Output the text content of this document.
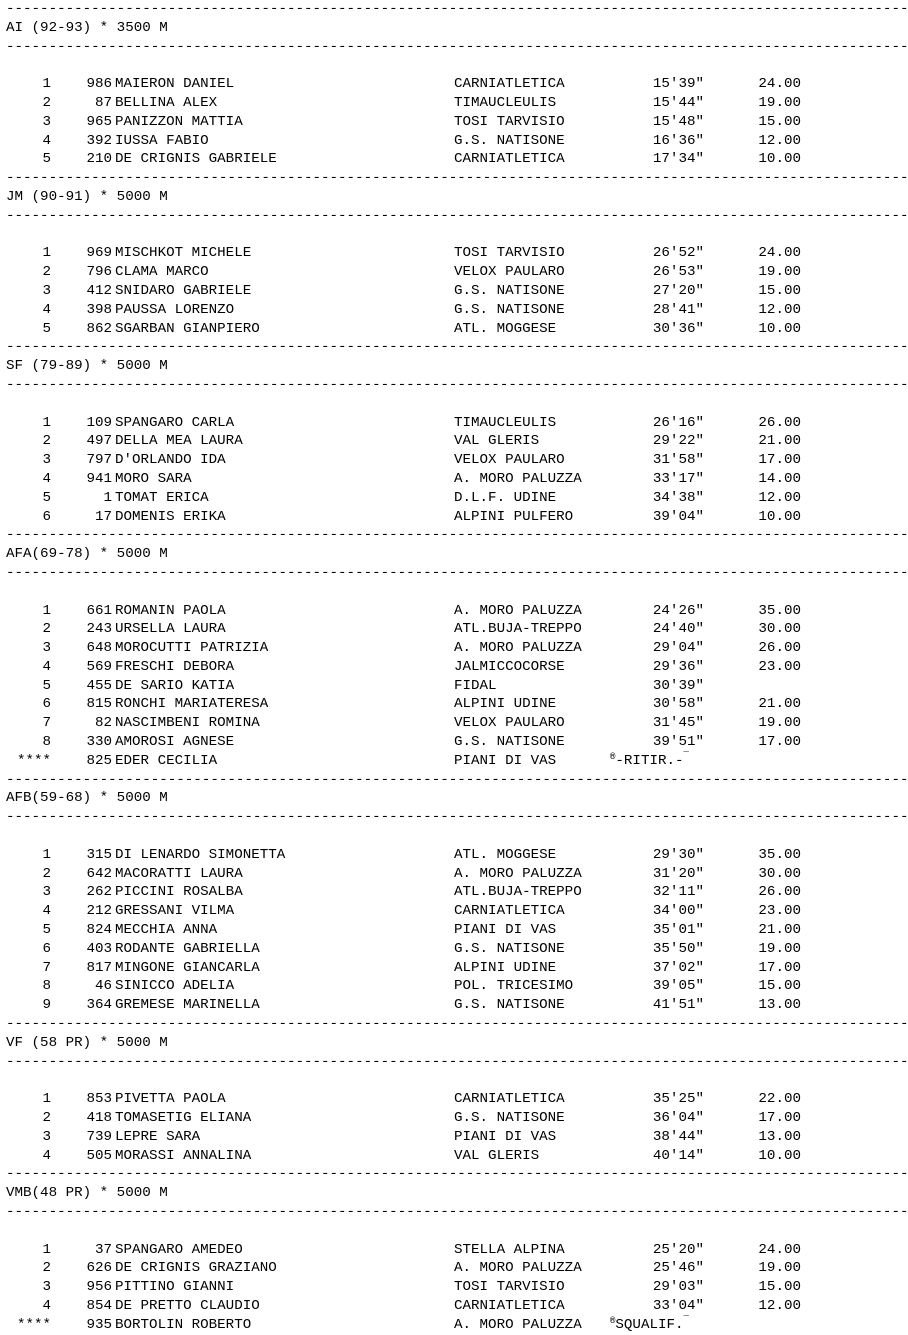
----------------------------------------------------------------------------------------------------------
AI (92-93) * 3500 M
----------------------------------------------------------------------------------------------------------
1	986 MAIERON DANIEL	CARNIATLETICA	15'39"	24.00
2	87 BELLINA ALEX	TIMAUCLEULIS	15'44"	19.00
3	965 PANIZZON MATTIA	TOSI TARVISIO	15'48"	15.00
4	392 IUSSA FABIO	G.S. NATISONE	16'36"	12.00
5	210 DE CRIGNIS GABRIELE	CARNIATLETICA	17'34"	10.00
----------------------------------------------------------------------------------------------------------
JM (90-91) * 5000 M
----------------------------------------------------------------------------------------------------------
1	969 MISCHKOT MICHELE	TOSI TARVISIO	26'52"	24.00
2	796 CLAMA MARCO	VELOX PAULARO	26'53"	19.00
3	412 SNIDARO GABRIELE	G.S. NATISONE	27'20"	15.00
4	398 PAUSSA LORENZO	G.S. NATISONE	28'41"	12.00
5	862 SGARBAN GIANPIERO	ATL. MOGGESE	30'36"	10.00
----------------------------------------------------------------------------------------------------------
SF (79-89) * 5000 M
----------------------------------------------------------------------------------------------------------
1	109 SPANGARO CARLA	TIMAUCLEULIS	26'16"	26.00
2	497 DELLA MEA LAURA	VAL GLERIS	29'22"	21.00
3	797 D'ORLANDO IDA	VELOX PAULARO	31'58"	17.00
4	941 MORO SARA	A. MORO PALUZZA	33'17"	14.00
5	1 TOMAT ERICA	D.L.F. UDINE	34'38"	12.00
6	17 DOMENIS ERIKA	ALPINI PULFERO	39'04"	10.00
----------------------------------------------------------------------------------------------------------
AFA(69-78) * 5000 M
----------------------------------------------------------------------------------------------------------
1	661 ROMANIN PAOLA	A. MORO PALUZZA	24'26"	35.00
2	243 URSELLA LAURA	ATL.BUJA-TREPPO	24'40"	30.00
3	648 MOROCUTTI PATRIZIA	A. MORO PALUZZA	29'04"	26.00
4	569 FRESCHI DEBORA	JALMICCOCORSE	29'36"	23.00
5	455 DE SARIO KATIA	FIDAL	30'39"
6	815 RONCHI MARIATERESA	ALPINI UDINE	30'58"	21.00
7	82 NASCIMBENI ROMINA	VELOX PAULARO	31'45"	19.00
8	330 AMOROSI AGNESE	G.S. NATISONE	39'51"	17.00
****	825 EDER CECILIA	PIANI DI VAS	®-RITIR.-¯
----------------------------------------------------------------------------------------------------------
AFB(59-68) * 5000 M
----------------------------------------------------------------------------------------------------------
1	315 DI LENARDO SIMONETTA	ATL. MOGGESE	29'30"	35.00
2	642 MACORATTI LAURA	A. MORO PALUZZA	31'20"	30.00
3	262 PICCINI ROSALBA	ATL.BUJA-TREPPO	32'11"	26.00
4	212 GRESSANI VILMA	CARNIATLETICA	34'00"	23.00
5	824 MECCHIA ANNA	PIANI DI VAS	35'01"	21.00
6	403 RODANTE GABRIELLA	G.S. NATISONE	35'50"	19.00
7	817 MINGONE GIANCARLA	ALPINI UDINE	37'02"	17.00
8	46 SINICCO ADELIA	POL. TRICESIMO	39'05"	15.00
9	364 GREMESE MARINELLA	G.S. NATISONE	41'51"	13.00
----------------------------------------------------------------------------------------------------------
VF (58 PR) * 5000 M
----------------------------------------------------------------------------------------------------------
1	853 PIVETTA PAOLA	CARNIATLETICA	35'25"	22.00
2	418 TOMASETIG ELIANA	G.S. NATISONE	36'04"	17.00
3	739 LEPRE SARA	PIANI DI VAS	38'44"	13.00
4	505 MORASSI ANNALINA	VAL GLERIS	40'14"	10.00
----------------------------------------------------------------------------------------------------------
VMB(48 PR) * 5000 M
----------------------------------------------------------------------------------------------------------
1	37 SPANGARO AMEDEO	STELLA ALPINA	25'20"	24.00
2	626 DE CRIGNIS GRAZIANO	A. MORO PALUZZA	25'46"	19.00
3	956 PITTINO GIANNI	TOSI TARVISIO	29'03"	15.00
4	854 DE PRETTO CLAUDIO	CARNIATLETICA	33'04"	12.00
****	935 BORTOLIN ROBERTO	A. MORO PALUZZA	®SQUALIF.¯
